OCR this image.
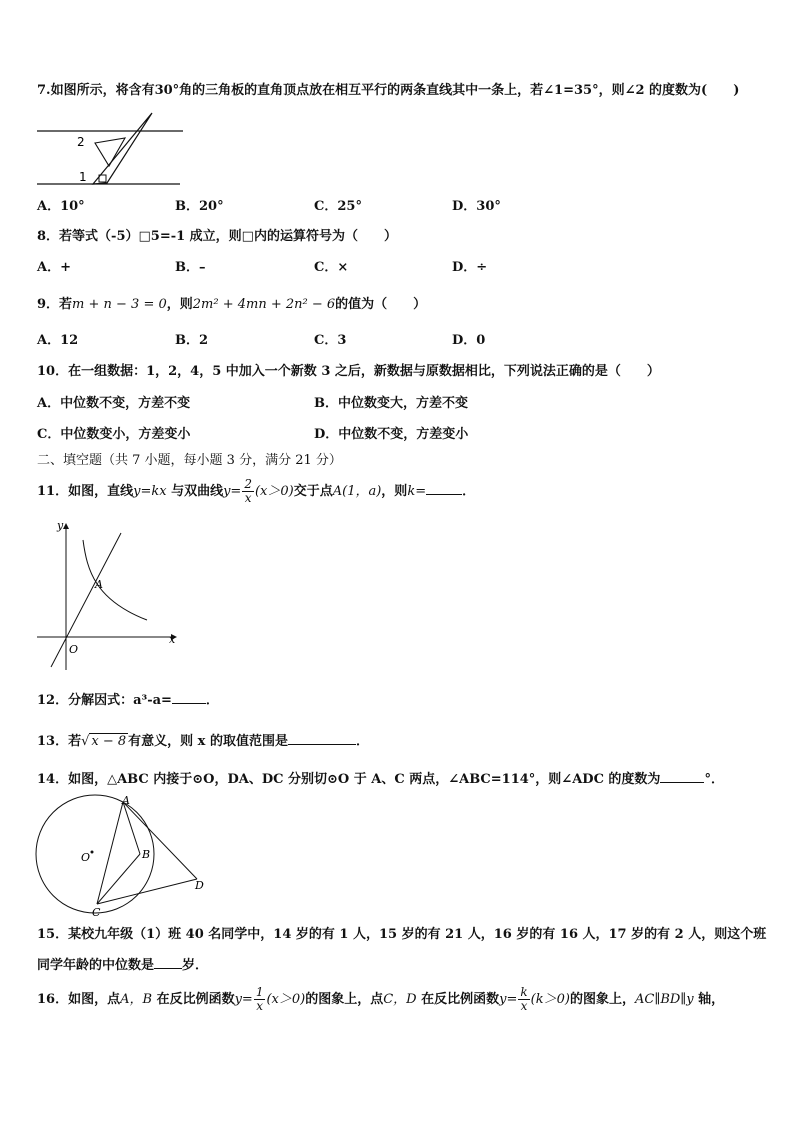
7.如图所示，将含有30°角的三角板的直角顶点放在相互平行的两条直线其中一条上，若∠1=35°，则∠2 的度数为(　　)
2
1
A．10°	B．20°	C．25°	D．30°
8．若等式（-5）□5=-1 成立，则□内的运算符号为（　　）
A．+	B．–	C．×	D．÷
9．若m + n − 3 = 0，则2m² + 4mn + 2n² − 6的值为（　　）
A．12	B．2	C．3	D．0
10．在一组数据：1，2，4，5 中加入一个新数 3 之后，新数据与原数据相比，下列说法正确的是（　　）
A．中位数不变，方差不变	B．中位数变大，方差不变
C．中位数变小，方差变小	D．中位数不变，方差变小
二、填空题（共 7 小题，每小题 3 分，满分 21 分）
11．如图，直线y=kx 与双曲线$y= \frac{2}{x} (x>0)$交于点A(1，a)，则k=	．
y
x
O
A
12．分解因式：a³-a=	．
13．若√ x − 8 有意义，则 x 的取值范围是	．
14．如图，△ABC 内接于⊙O，DA、DC 分别切⊙O 于 A、C 两点，∠ABC=114°，则∠ADC 的度数为	°．
A
B
C
D
O
15．某校九年级（1）班 40 名同学中，14 岁的有 1 人，15 岁的有 21 人，16 岁的有 16 人，17 岁的有 2 人，则这个班
同学年龄的中位数是 岁．
16．如图，点A，B 在反比例函数$y= \frac{1}{x} (x>0)$的图象上，点C，D 在反比例函数$y= \frac{k}{x} (k>0)$的图象上，AC∥BD∥y 轴，
